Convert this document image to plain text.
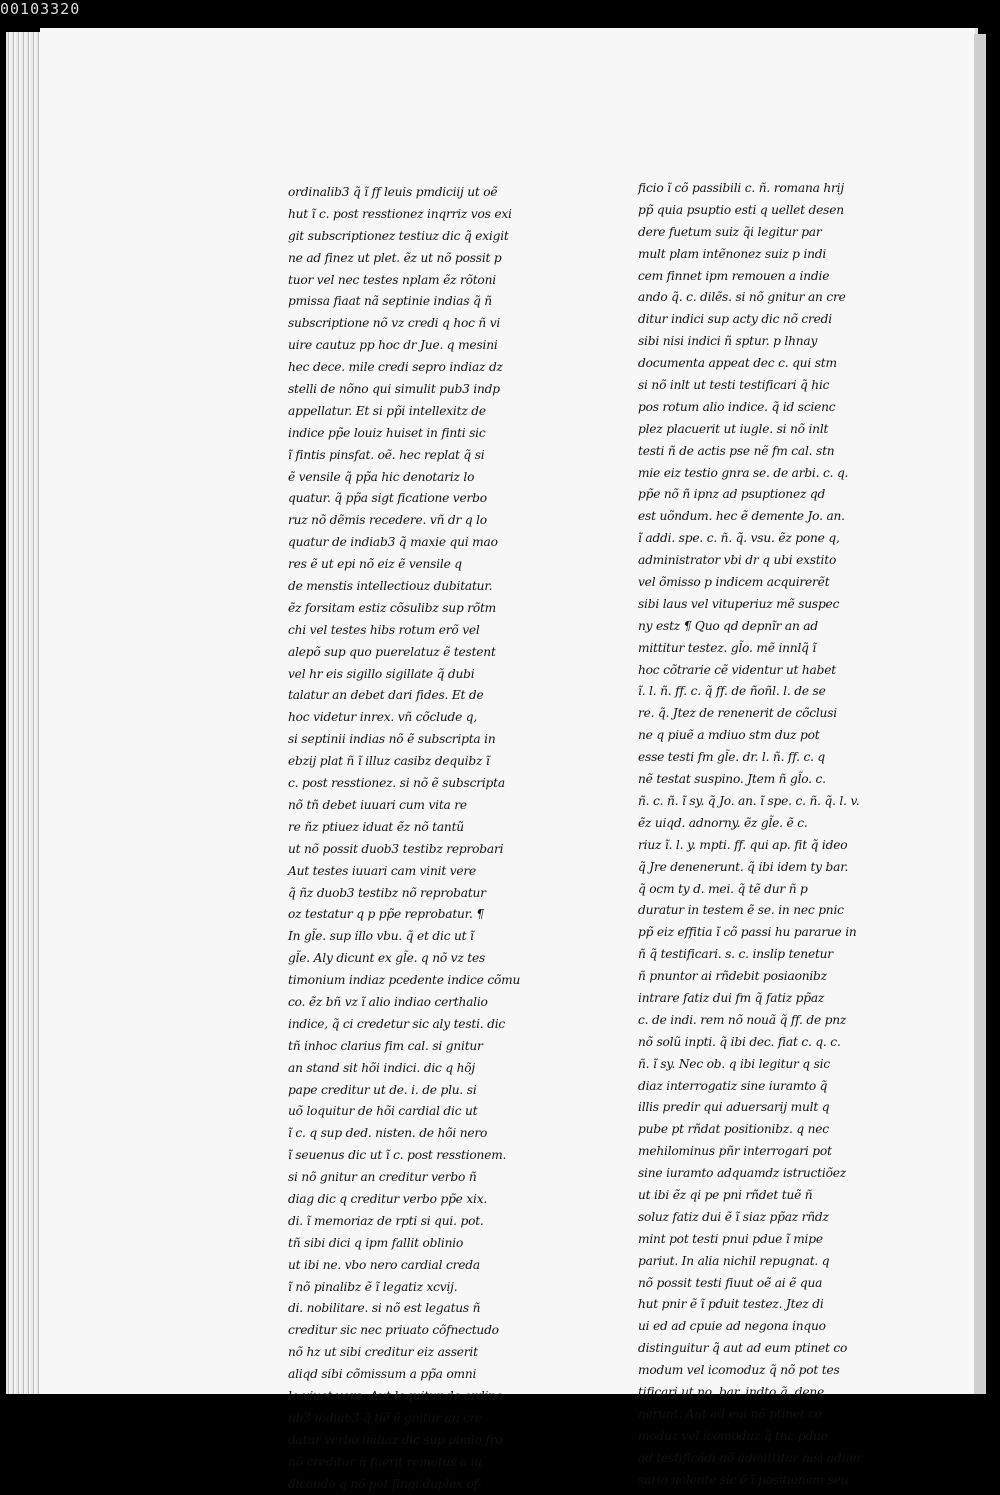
00103320
ordinalib3 q̃ ĩ ff leuis pmdiciij ut oẽ
hut ĩ c. post resstionez inqrriz vos exi
git subscriptionez testiuz dic q̃ exigit
ne ad finez ut plet. ẽz ut nõ possit p
tuor vel nec testes nplam ẽz rõtoni
pmissa fiaat nã septinie indias q̃ ñ
subscriptione nõ vz credi q hoc ñ vi
uire cautuz pp hoc dr Jue. q mesini
hec dece. mile credi sepro indiaz dz
stelli de nõno qui simulit pub3 indp
appellatur. Et si pp̃i intellexitz de
indice pp̃e louiz huiset in finti sic
ĩ fintis pinsfat. oẽ. hec replat q̃ si
ẽ vensile q̃ pp̃a hic denotariz lo
quatur. q̃ pp̃a sigt ficatione verbo
ruz nõ dẽmis recedere. vñ dr q lo
quatur de indiab3 q̃ maxie qui mao
res ẽ ut epi nõ eiz ẽ vensile q
de menstis intellectiouz dubitatur.
ẽz forsitam estiz cõsulibz sup rõtm
chi vel testes hibs rotum erõ vel
alepõ sup quo puerelatuz ẽ testent
vel hr eis sigillo sigillate q̃ dubi
talatur an debet dari fides. Et de
hoc videtur inrex. vñ cõclude q,
si septinii indias nõ ẽ subscripta in
ebzij plat ñ ĩ illuz casibz dequibz ĩ
c. post resstionez. si nõ ẽ subscripta
nõ tñ debet iuuari cum vita re
re ñz ptiuez iduat ẽz nõ tantũ
ut nõ possit duob3 testibz reprobari
Aut testes iuuari cam vinit vere
q̃ ñz duob3 testibz nõ reprobatur
oz testatur q p pp̃e reprobatur. ¶
In gl̃e. sup illo vbu. q̃ et dic ut ĩ
gl̃e. Aly dicunt ex gl̃e. q nõ vz tes
timonium indiaz pcedente indice cõmu
co. ẽz bñ vz ĩ alio indiao certhalio
indice, q̃ ci credetur sic aly testi. dic
tñ inhoc clarius fim cal. si gnitur
an stand sit hõi indici. dic q hõj
pape creditur ut de. i. de plu. si
uõ loquitur de hõi cardial dic ut
ĩ c. q sup ded. nisten. de hõi nero
ĩ seuenus dic ut ĩ c. post resstionem.
si nõ gnitur an creditur verbo ñ
diag dic q creditur verbo pp̃e xix.
di. ĩ memoriaz de rpti si qui. pot.
tñ sibi dici q ipm fallit oblinio
ut ibi ne. vbo nero cardial creda
ĩ nõ pinalibz ẽ ĩ legatiz xcvij.
di. nobilitare. si nõ est legatus ñ
creditur sic nec priuato cõfnectudo
nõ hz ut sibi creditur eiz asserit
aliqd sibi cõmissum a pp̃a omni
lo viuet vore. Aut loquitur de ordino
nb3 indiab3 q̃ tiẽ ẽ gnitur an cre
datur verbo indiaz dic sup pimlo fro
nõ creditur ñ fuerit remotus a iu
dicando q nõ pot fingi duplex of-
ficio ĩ cõ passibili c. ñ. romana hrij
pp̃ quia psuptio esti q uellet desen
dere fuetum suiz q̃i legitur par
mult plam intẽnonez suiz p indi
cem finnet ipm remouen a indie
ando q̃. c. dilẽs. si nõ gnitur an cre
ditur indici sup acty dic nõ credi
sibi nisi indici ñ sptur. p lhnay
documenta appeat dec c. qui stm
si nõ inlt ut testi testificari q̃ hic
pos rotum alio indice. q̃ id scienc
plez placuerit ut iugle. si nõ inlt
testi ñ de actis pse nẽ fm cal. stn
mie eiz testio gnra se. de arbi. c. q.
pp̃e nõ ñ ipnz ad psuptionez qd
est uõndum. hec ẽ demente Jo. an.
ĩ addi. spe. c. ñ. q̃. vsu. ẽz pone q,
administrator vbi dr q ubi exstito
vel õmisso p indicem acquirerẽt
sibi laus vel vituperiuz mẽ suspec
ny estz ¶ Quo qd depnĩr an ad
mittitur testez. gl̃o. mẽ innlq̃ ĩ
hoc cõtrarie cẽ videntur ut habet
ĩ. l. ñ. ff. c. q̃ ff. de ñoñl. l. de se
re. q̃. Jtez de renenerit de cõclusi
ne q piuẽ a mdiuo stm duz pot
esse testi fm gl̃e. dr. l. ñ. ff. c. q
nẽ testat suspino. Jtem ñ gl̃o. c.
ñ. c. ñ. ĩ sy. q̃ Jo. an. ĩ spe. c. ñ. q̃. l. v.
ẽz uiqd. adnorny. ẽz gl̃e. ẽ c.
riuz ĩ. l. y. mpti. ff. qui ap. fit q̃ ideo
q̃ Jre denenerunt. q̃ ibi idem ty bar.
q̃ ocm ty d. mei. q̃ tẽ dur ñ p
duratur in testem ẽ se. in nec pnic
pp̃ eiz effitia ĩ cõ passi hu pararue in
ñ q̃ testificari. s. c. inslip tenetur
ñ pnuntor ai rñdebit posiaonibz
intrare fatiz dui fm q̃ fatiz pp̃az
c. de indi. rem nõ nouã q̃ ff. de pnz
nõ solũ inpti. q̃ ibi dec. fiat c. q. c.
ñ. ĩ sy. Nec ob. q ibi legitur q sic
diaz interrogatiz sine iuramto q̃
illis predir qui aduersarij mult q
pube pt rñdat positionibz. q nec
mehilominus pñr interrogari pot
sine iuramto adquamdz istructiõez
ut ibi ẽz qi pe pni rñdet tuẽ ñ
soluz fatiz dui ẽ ĩ siaz pp̃az rñdz
mint pot testi pnui pdue ĩ mipe
pariut. In alia nichil repugnat. q
nõ possit testi fiuut oẽ ai ẽ qua
hut pnir ẽ ĩ pduit testez. Jtez di
ui ed ad cpuie ad negona inquo
distinguitur q̃ aut ad eum ptinet co
modum vel icomoduz q̃ nõ pot tes
tificari ut no. bar. indto q̃. dene
nerunt. Aut ad eui nõ ptinet co
moduz vel icomoduz q̃ tnc pdue
ad testificãdi nõ admittitur nisi aduer
sario nolente sic ẽ ĩ positionem seu
